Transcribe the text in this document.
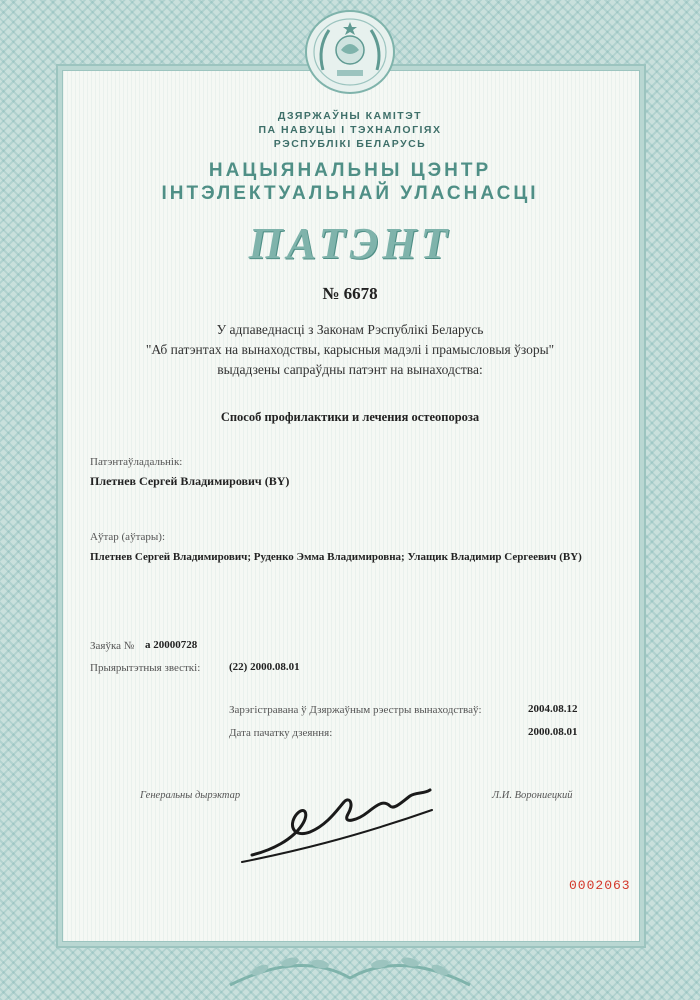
ДЗЯРЖАЎНЫ КАМІТЭТ
ПА НАВУЦЫ І ТЭХНАЛОГІЯХ
РЭСПУБЛІКІ БЕЛАРУСЬ
НАЦЫЯНАЛЬНЫ ЦЭНТР
ІНТЭЛЕКТУАЛЬНАЙ УЛАСНАСЦІ
ПАТЭНТ
№ 6678
У адпаведнасці з Законам Рэспублікі Беларусь
"Аб патэнтах на вынаходствы, карысныя мадэлі і прамысловыя ўзоры"
выдадзены сапраўдны патэнт на вынаходства:
Способ профилактики и лечения остеопороза
Патэнтаўладальнік:
Плетнев Сергей Владимирович (BY)
Аўтар (аўтары):
Плетнев Сергей Владимирович; Руденко Эмма Владимировна; Улащик Владимир Сергеевич (BY)
Заяўка № a 20000728
Прыярытэтныя звесткі:	(22) 2000.08.01
Зарэгістравана ў Дзяржаўным рэестры вынаходстваў:	2004.08.12
Дата пачатку дзеяння:	2000.08.01
Генеральны дырэктар	Л.И. Ворониецкий
0002063
